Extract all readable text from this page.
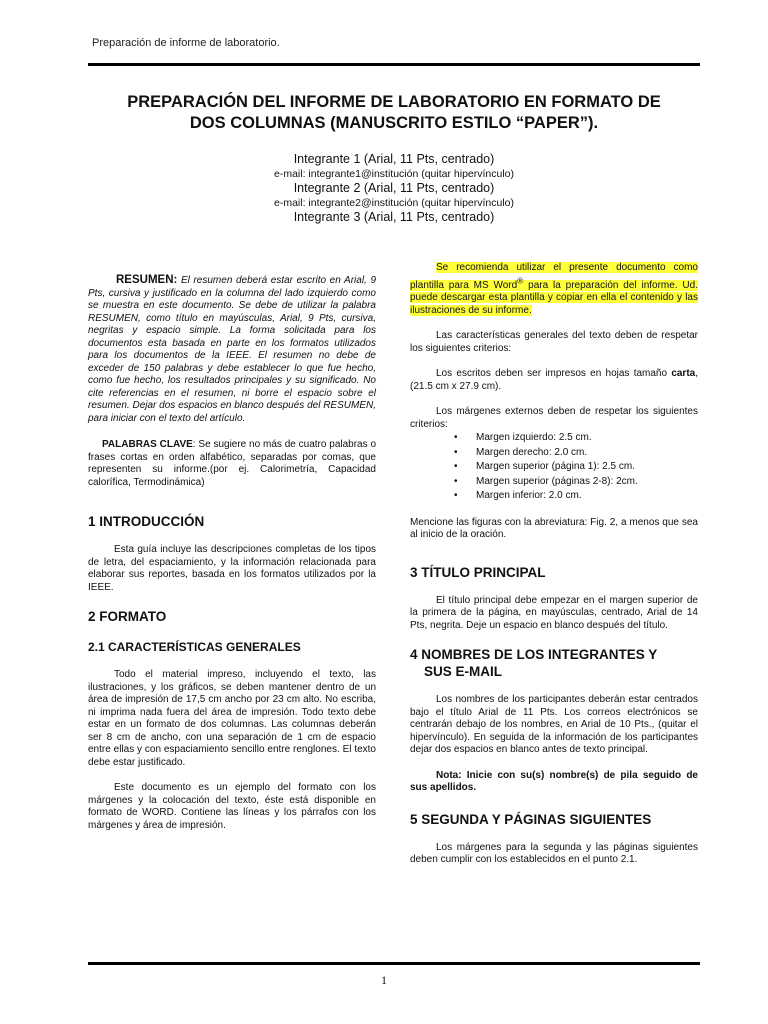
Preparación de informe de laboratorio.
PREPARACIÓN DEL INFORME DE LABORATORIO EN FORMATO DE
DOS COLUMNAS (MANUSCRITO ESTILO “PAPER”).
Integrante 1 (Arial, 11 Pts, centrado)
e-mail: integrante1@institución (quitar hipervínculo)
Integrante 2 (Arial, 11 Pts, centrado)
e-mail: integrante2@institución (quitar hipervínculo)
Integrante 3 (Arial, 11 Pts, centrado)

RESUMEN: El resumen deberá estar escrito en Arial, 9 Pts, cursiva y justificado en la columna del lado izquierdo como se muestra en este documento. Se debe de utilizar la palabra RESUMEN, como título en mayúsculas, Arial, 9 Pts, cursiva, negritas y espacio simple. La forma solicitada para los documentos esta basada en parte en los formatos utilizados para los documentos de la IEEE. El resumen no debe de exceder de 150 palabras y debe establecer lo que fue hecho, como fue hecho, los resultados principales y su significado. No cite referencias en el resumen, ni borre el espacio sobre el resumen. Dejar dos espacios en blanco después del RESUMEN, para iniciar con el texto del artículo.

PALABRAS CLAVE: Se sugiere no más de cuatro palabras o frases cortas en orden alfabético, separadas por comas, que representen su informe.(por ej. Calorimetría, Capacidad calorífica, Termodinámica)

1 INTRODUCCIÓN

Esta guía incluye las descripciones completas de los tipos de letra, del espaciamiento, y la información relacionada para elaborar sus reportes, basada en los formatos utilizados por la IEEE.

2 FORMATO
2.1 CARACTERÍSTICAS GENERALES

Todo el material impreso, incluyendo el texto, las ilustraciones, y los gráficos, se deben mantener dentro de un área de impresión de 17,5 cm ancho por 23 cm alto. No escriba, ni imprima nada fuera del área de impresión. Todo texto debe estar en un formato de dos columnas. Las columnas deberán ser 8 cm de ancho, con una separación de 1 cm de espacio entre ellas y con espaciamiento sencillo entre renglones. El texto debe estar justificado.

Este documento es un ejemplo del formato con los márgenes y la colocación del texto, éste está disponible en formato de WORD. Contiene las líneas y los párrafos con los márgenes y área de impresión.

Se recomienda utilizar el presente documento como plantilla para MS Word® para la preparación del informe. Ud. puede descargar esta plantilla y copiar en ella el contenido y las ilustraciones de su informe.

Las características generales del texto deben de respetar los siguientes criterios:

Los escritos deben ser impresos en hojas tamaño carta, (21.5 cm x 27.9 cm).

Los márgenes externos deben de respetar los siguientes criterios:

• Margen izquierdo: 2.5 cm.
• Margen derecho: 2.0 cm.
• Margen superior (página 1): 2.5 cm.
• Margen superior (páginas 2-8): 2cm.
• Margen inferior: 2.0 cm.

Mencione las figuras con la abreviatura: Fig. 2, a menos que sea al inicio de la oración.

3 TÍTULO PRINCIPAL

El título principal debe empezar en el margen superior de la primera de la página, en mayúsculas, centrado, Arial de 14 Pts, negrita. Deje un espacio en blanco después del título.

4 NOMBRES DE LOS INTEGRANTES Y
SUS E-MAIL

Los nombres de los participantes deberán estar centrados bajo el título Arial de 11 Pts. Los correos electrónicos se centrarán debajo de los nombres, en Arial de 10 Pts., (quitar el hipervínculo). En seguida de la información de los participantes dejar dos espacios en blanco antes de texto principal.

Nota: Inicie con su(s) nombre(s) de pila seguido de sus apellidos.

5 SEGUNDA Y PÁGINAS SIGUIENTES

Los márgenes para la segunda y las páginas siguientes deben cumplir con los establecidos en el punto 2.1.

1
